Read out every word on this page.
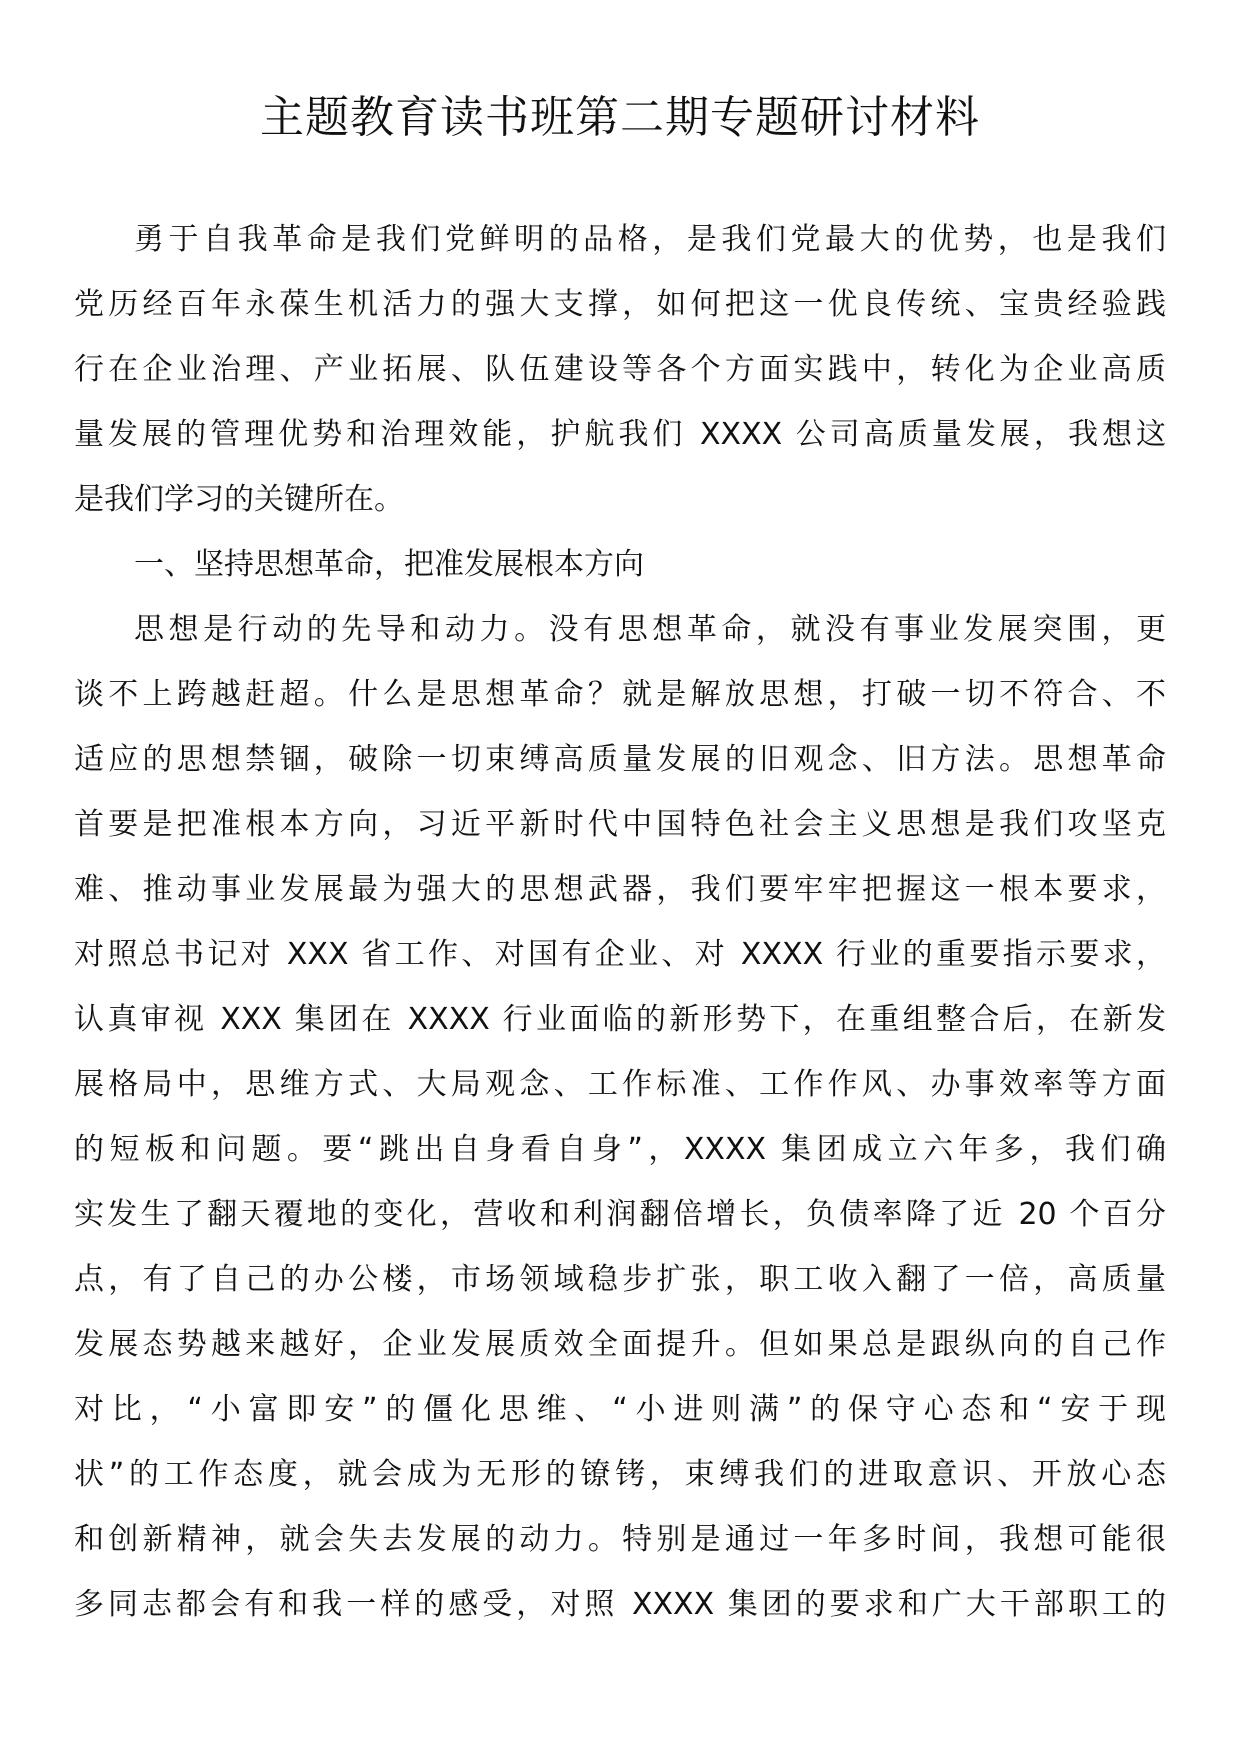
主题教育读书班第二期专题研讨材料
勇于自我革命是我们党鲜明的品格，是我们党最大的优势，也是我们
党历经百年永葆生机活力的强大支撑，如何把这一优良传统、宝贵经验践
行在企业治理、产业拓展、队伍建设等各个方面实践中，转化为企业高质
量发展的管理优势和治理效能，护航我们 XXXX 公司高质量发展，我想这
是我们学习的关键所在。
一、坚持思想革命，把准发展根本方向
思想是行动的先导和动力。没有思想革命，就没有事业发展突围，更
谈不上跨越赶超。什么是思想革命？就是解放思想，打破一切不符合、不
适应的思想禁锢，破除一切束缚高质量发展的旧观念、旧方法。思想革命
首要是把准根本方向，习近平新时代中国特色社会主义思想是我们攻坚克
难、推动事业发展最为强大的思想武器，我们要牢牢把握这一根本要求，
对照总书记对 XXX 省工作、对国有企业、对 XXXX 行业的重要指示要求，
认真审视 XXX 集团在 XXXX 行业面临的新形势下，在重组整合后，在新发
展格局中，思维方式、大局观念、工作标准、工作作风、办事效率等方面
的短板和问题。要“跳出自身看自身”，XXXX 集团成立六年多，我们确
实发生了翻天覆地的变化，营收和利润翻倍增长，负债率降了近 20 个百分
点，有了自己的办公楼，市场领域稳步扩张，职工收入翻了一倍，高质量
发展态势越来越好，企业发展质效全面提升。但如果总是跟纵向的自己作
对比，“小富即安”的僵化思维、“小进则满”的保守心态和“安于现
状”的工作态度，就会成为无形的镣铐，束缚我们的进取意识、开放心态
和创新精神，就会失去发展的动力。特别是通过一年多时间，我想可能很
多同志都会有和我一样的感受，对照 XXXX 集团的要求和广大干部职工的
